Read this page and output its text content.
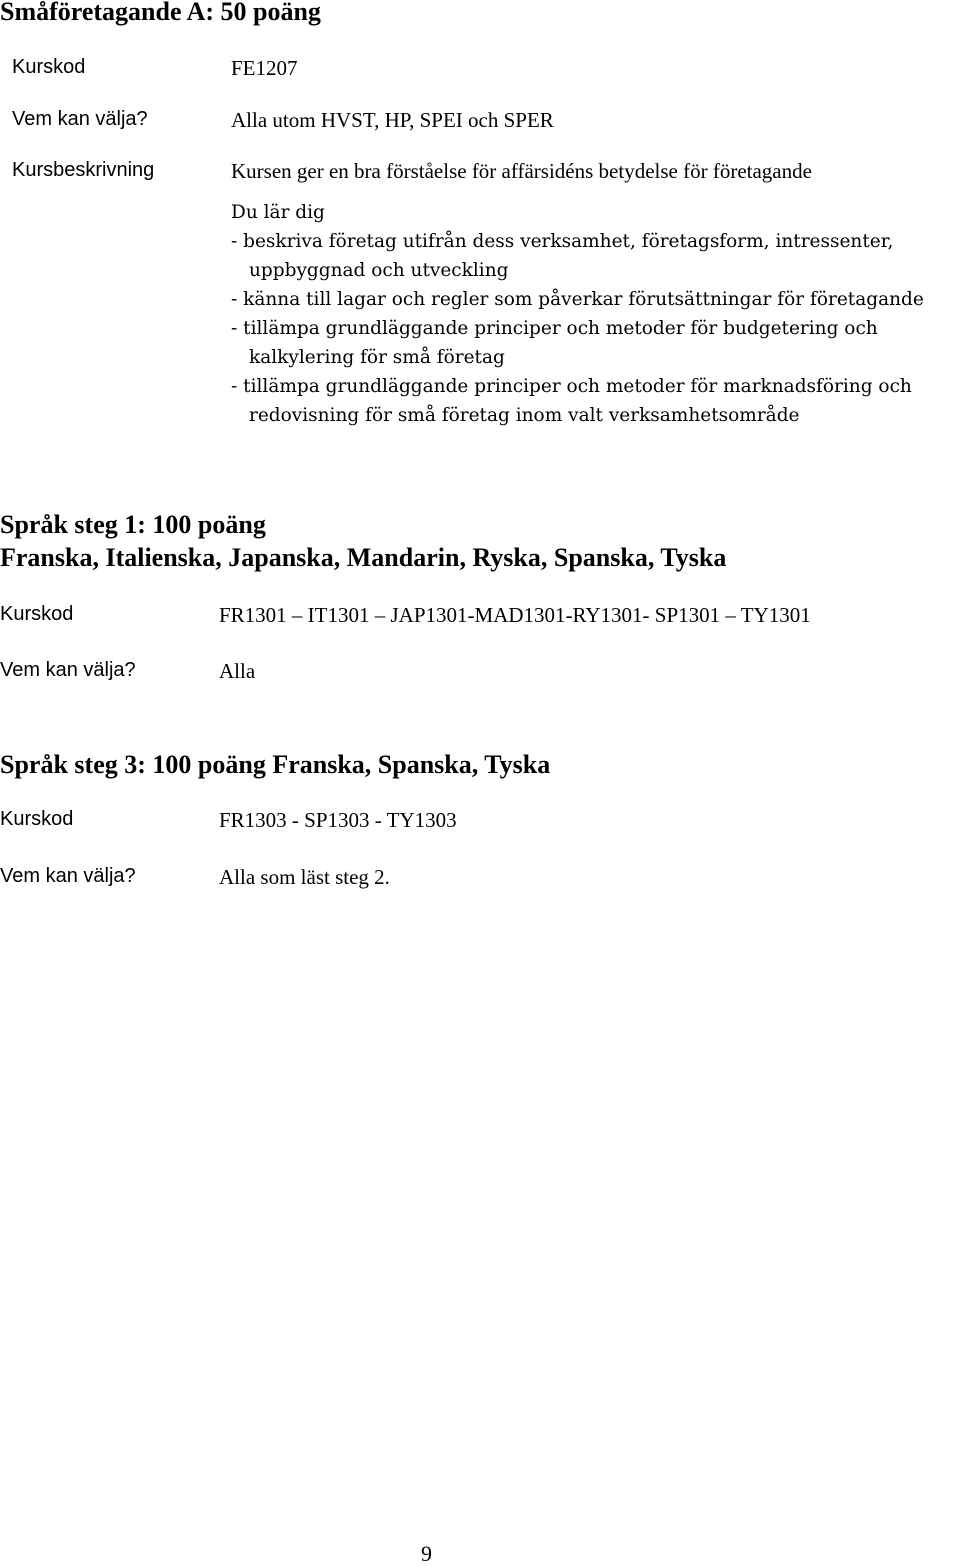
Småföretagande A: 50 poäng
Kurskod	FE1207
Vem kan välja?	Alla utom HVST, HP, SPEI och SPER
Kursbeskrivning	Kursen ger en bra förståelse för affärsidéns betydelse för företagande
Du lär dig
- beskriva företag utifrån dess verksamhet, företagsform, intressenter,
uppbyggnad och utveckling
- känna till lagar och regler som påverkar förutsättningar för företagande
- tillämpa grundläggande principer och metoder för budgetering och
kalkylering för små företag
- tillämpa grundläggande principer och metoder för marknadsföring och
redovisning för små företag inom valt verksamhetsområde
Språk steg 1: 100 poäng
Franska, Italienska, Japanska, Mandarin, Ryska, Spanska, Tyska
Kurskod	FR1301 – IT1301 – JAP1301-MAD1301-RY1301- SP1301 – TY1301
Vem kan välja?	Alla
Språk steg 3: 100 poäng Franska, Spanska, Tyska
Kurskod	FR1303 - SP1303 - TY1303
Vem kan välja?	Alla som läst steg 2.
9
